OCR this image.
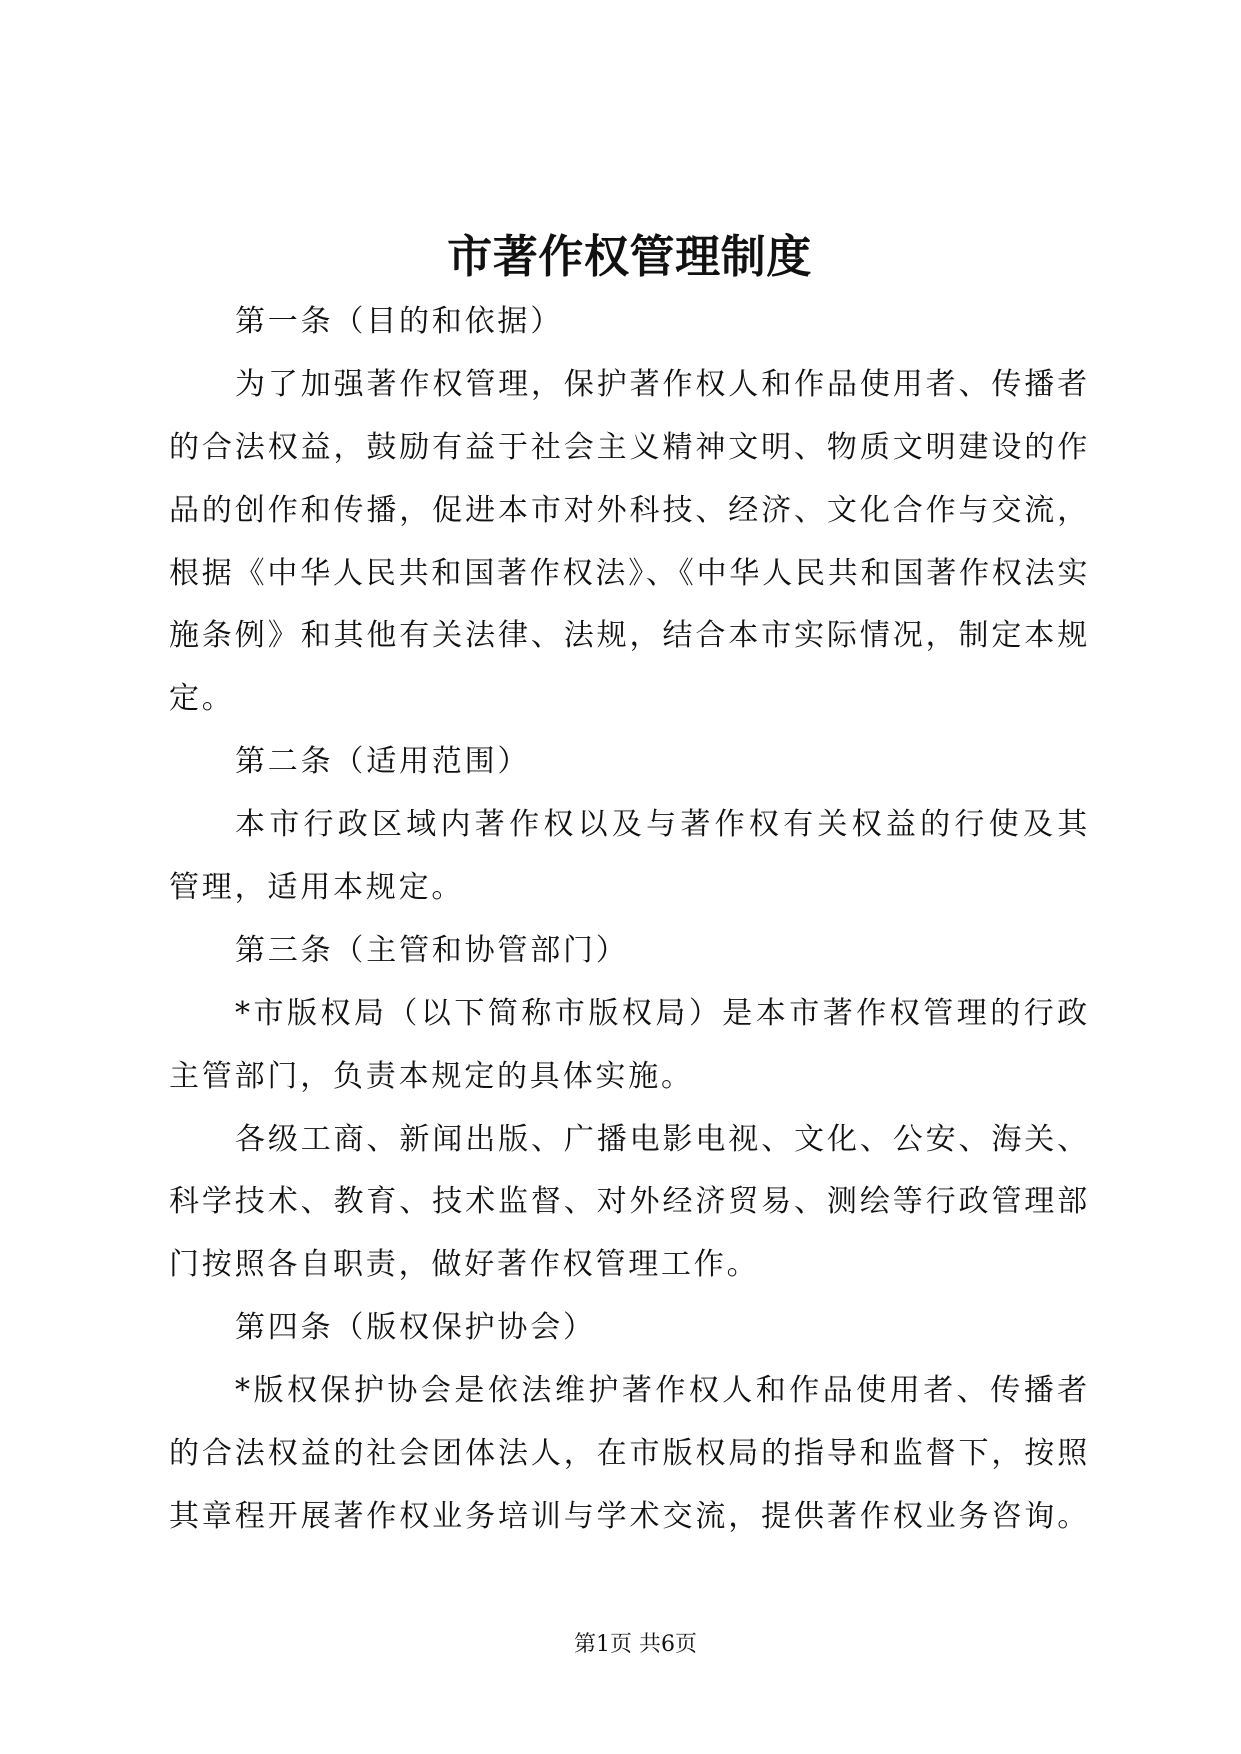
市著作权管理制度
第一条（目的和依据）
为了加强著作权管理，保护著作权人和作品使用者、传播者
的合法权益，鼓励有益于社会主义精神文明、物质文明建设的作
品的创作和传播，促进本市对外科技、经济、文化合作与交流，
根据《中华人民共和国著作权法》、《中华人民共和国著作权法实
施条例》和其他有关法律、法规，结合本市实际情况，制定本规
定。
第二条（适用范围）
本市行政区域内著作权以及与著作权有关权益的行使及其
管理，适用本规定。
第三条（主管和协管部门）
*市版权局（以下简称市版权局）是本市著作权管理的行政
主管部门，负责本规定的具体实施。
各级工商、新闻出版、广播电影电视、文化、公安、海关、
科学技术、教育、技术监督、对外经济贸易、测绘等行政管理部
门按照各自职责，做好著作权管理工作。
第四条（版权保护协会）
*版权保护协会是依法维护著作权人和作品使用者、传播者
的合法权益的社会团体法人，在市版权局的指导和监督下，按照
其章程开展著作权业务培训与学术交流，提供著作权业务咨询。
第1页 共6页
